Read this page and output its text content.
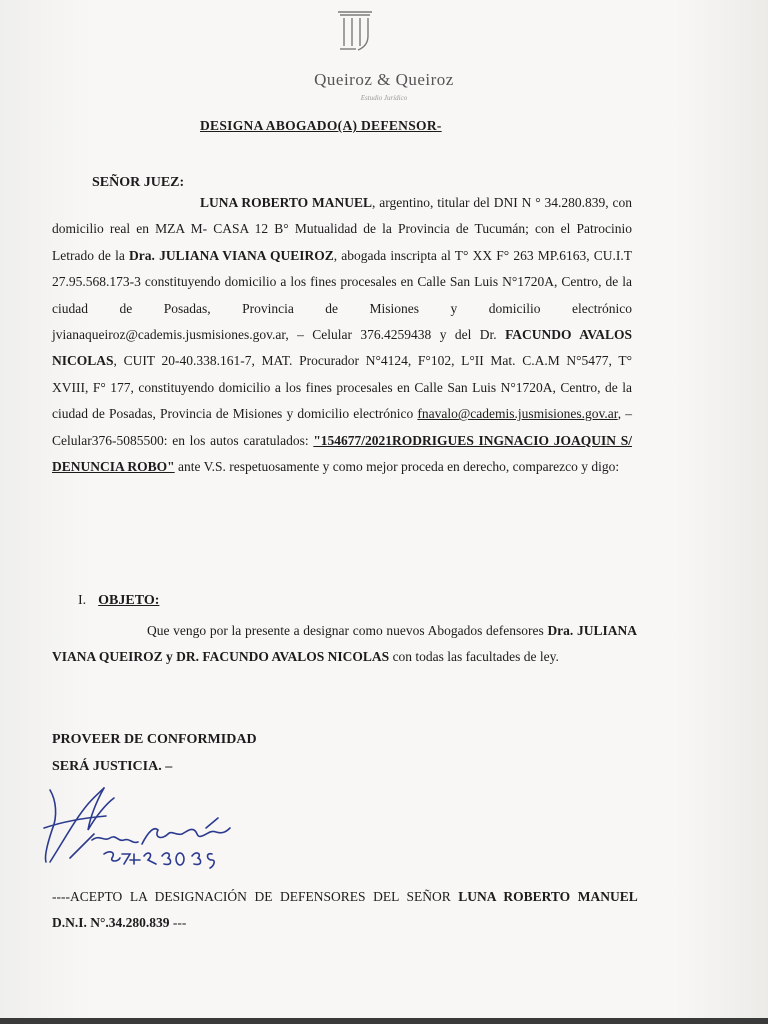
Queiroz & Queiroz
Estudio Jurídico
DESIGNA ABOGADO(A) DEFENSOR-
SEÑOR JUEZ:
LUNA ROBERTO MANUEL, argentino, titular del DNI N ° 34.280.839, con domicilio real en MZA M- CASA 12 B° Mutualidad de la Provincia de Tucumán; con el Patrocinio Letrado de la Dra. JULIANA VIANA QUEIROZ, abogada inscripta al T° XX F° 263 MP.6163, CU.I.T 27.95.568.173-3 constituyendo domicilio a los fines procesales en Calle San Luis N°1720A, Centro, de la ciudad de Posadas, Provincia de Misiones y domicilio electrónico jvianaqueiroz@cademis.jusmisiones.gov.ar, – Celular 376.4259438 y del Dr. FACUNDO AVALOS NICOLAS, CUIT 20-40.338.161-7, MAT. Procurador N°4124, F°102, L°II Mat. C.A.M N°5477, T° XVIII, F° 177, constituyendo domicilio a los fines procesales en Calle San Luis N°1720A, Centro, de la ciudad de Posadas, Provincia de Misiones y domicilio electrónico fnavalo@cademis.jusmisiones.gov.ar, – Celular376-5085500: en los autos caratulados: "154677/2021RODRIGUES INGNACIO JOAQUIN S/ DENUNCIA ROBO" ante V.S. respetuosamente y como mejor proceda en derecho, comparezco y digo:
I. OBJETO:
Que vengo por la presente a designar como nuevos Abogados defensores Dra. JULIANA VIANA QUEIROZ y DR. FACUNDO AVALOS NICOLAS con todas las facultades de ley.
PROVEER DE CONFORMIDAD
SERÁ JUSTICIA. –
----ACEPTO LA DESIGNACIÓN DE DEFENSORES DEL SEÑOR LUNA ROBERTO MANUEL D.N.I. N°.34.280.839 ---
